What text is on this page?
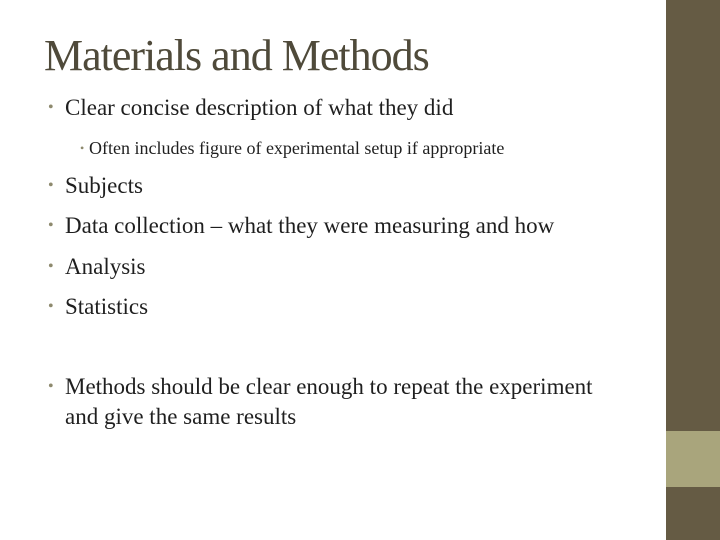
Materials and Methods
• Clear concise description of what they did
• Often includes figure of experimental setup if appropriate
• Subjects
• Data collection – what they were measuring and how
• Analysis
• Statistics
• Methods should be clear enough to repeat the experiment and give the same results
